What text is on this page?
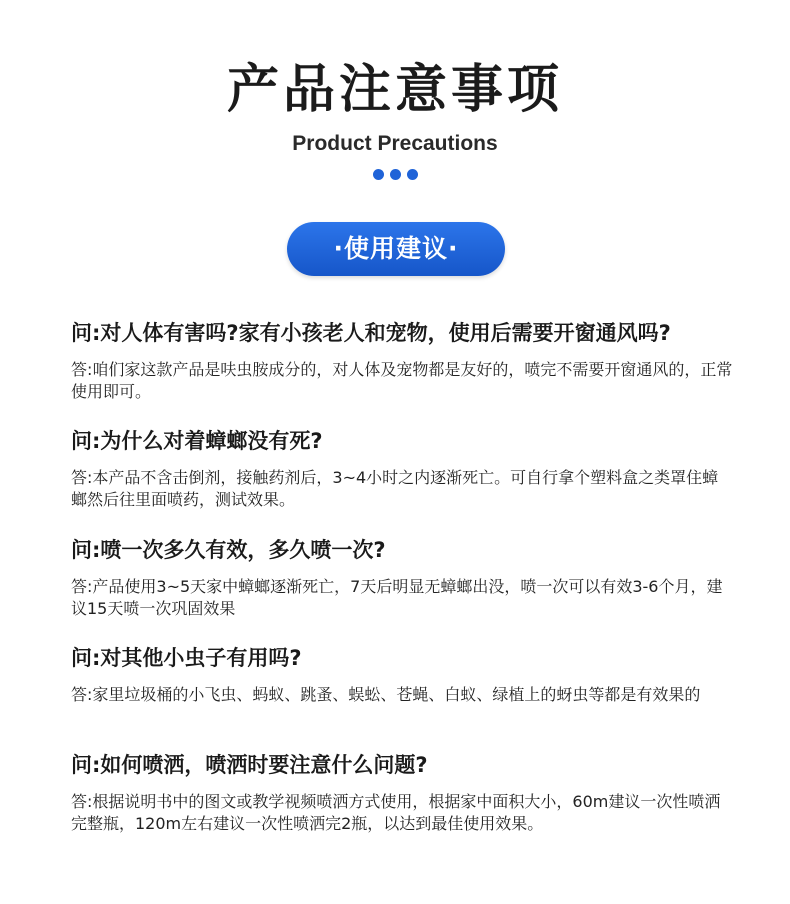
产品注意事项
Product Precautions

·使用建议·
问:对人体有害吗?家有小孩老人和宠物，使用后需要开窗通风吗?
答:咱们家这款产品是呋虫胺成分的，对人体及宠物都是友好的，喷完不需要开窗通风的，正常使用即可。
问:为什么对着蟑螂没有死?
答:本产品不含击倒剂，接触药剂后，3~4小时之内逐渐死亡。可自行拿个塑料盒之类罩住蟑螂然后往里面喷药，测试效果。
问:喷一次多久有效，多久喷一次?
答:产品使用3~5天家中蟑螂逐渐死亡，7天后明显无蟑螂出没，喷一次可以有效3-6个月，建议15天喷一次巩固效果
问:对其他小虫子有用吗?
答:家里垃圾桶的小飞虫、蚂蚁、跳蚤、蜈蚣、苍蝇、白蚁、绿植上的蚜虫等都是有效果的
问:如何喷洒，喷洒时要注意什么问题?
答:根据说明书中的图文或教学视频喷洒方式使用，根据家中面积大小，60m建议一次性喷洒完整瓶，120m左右建议一次性喷洒完2瓶，以达到最佳使用效果。
